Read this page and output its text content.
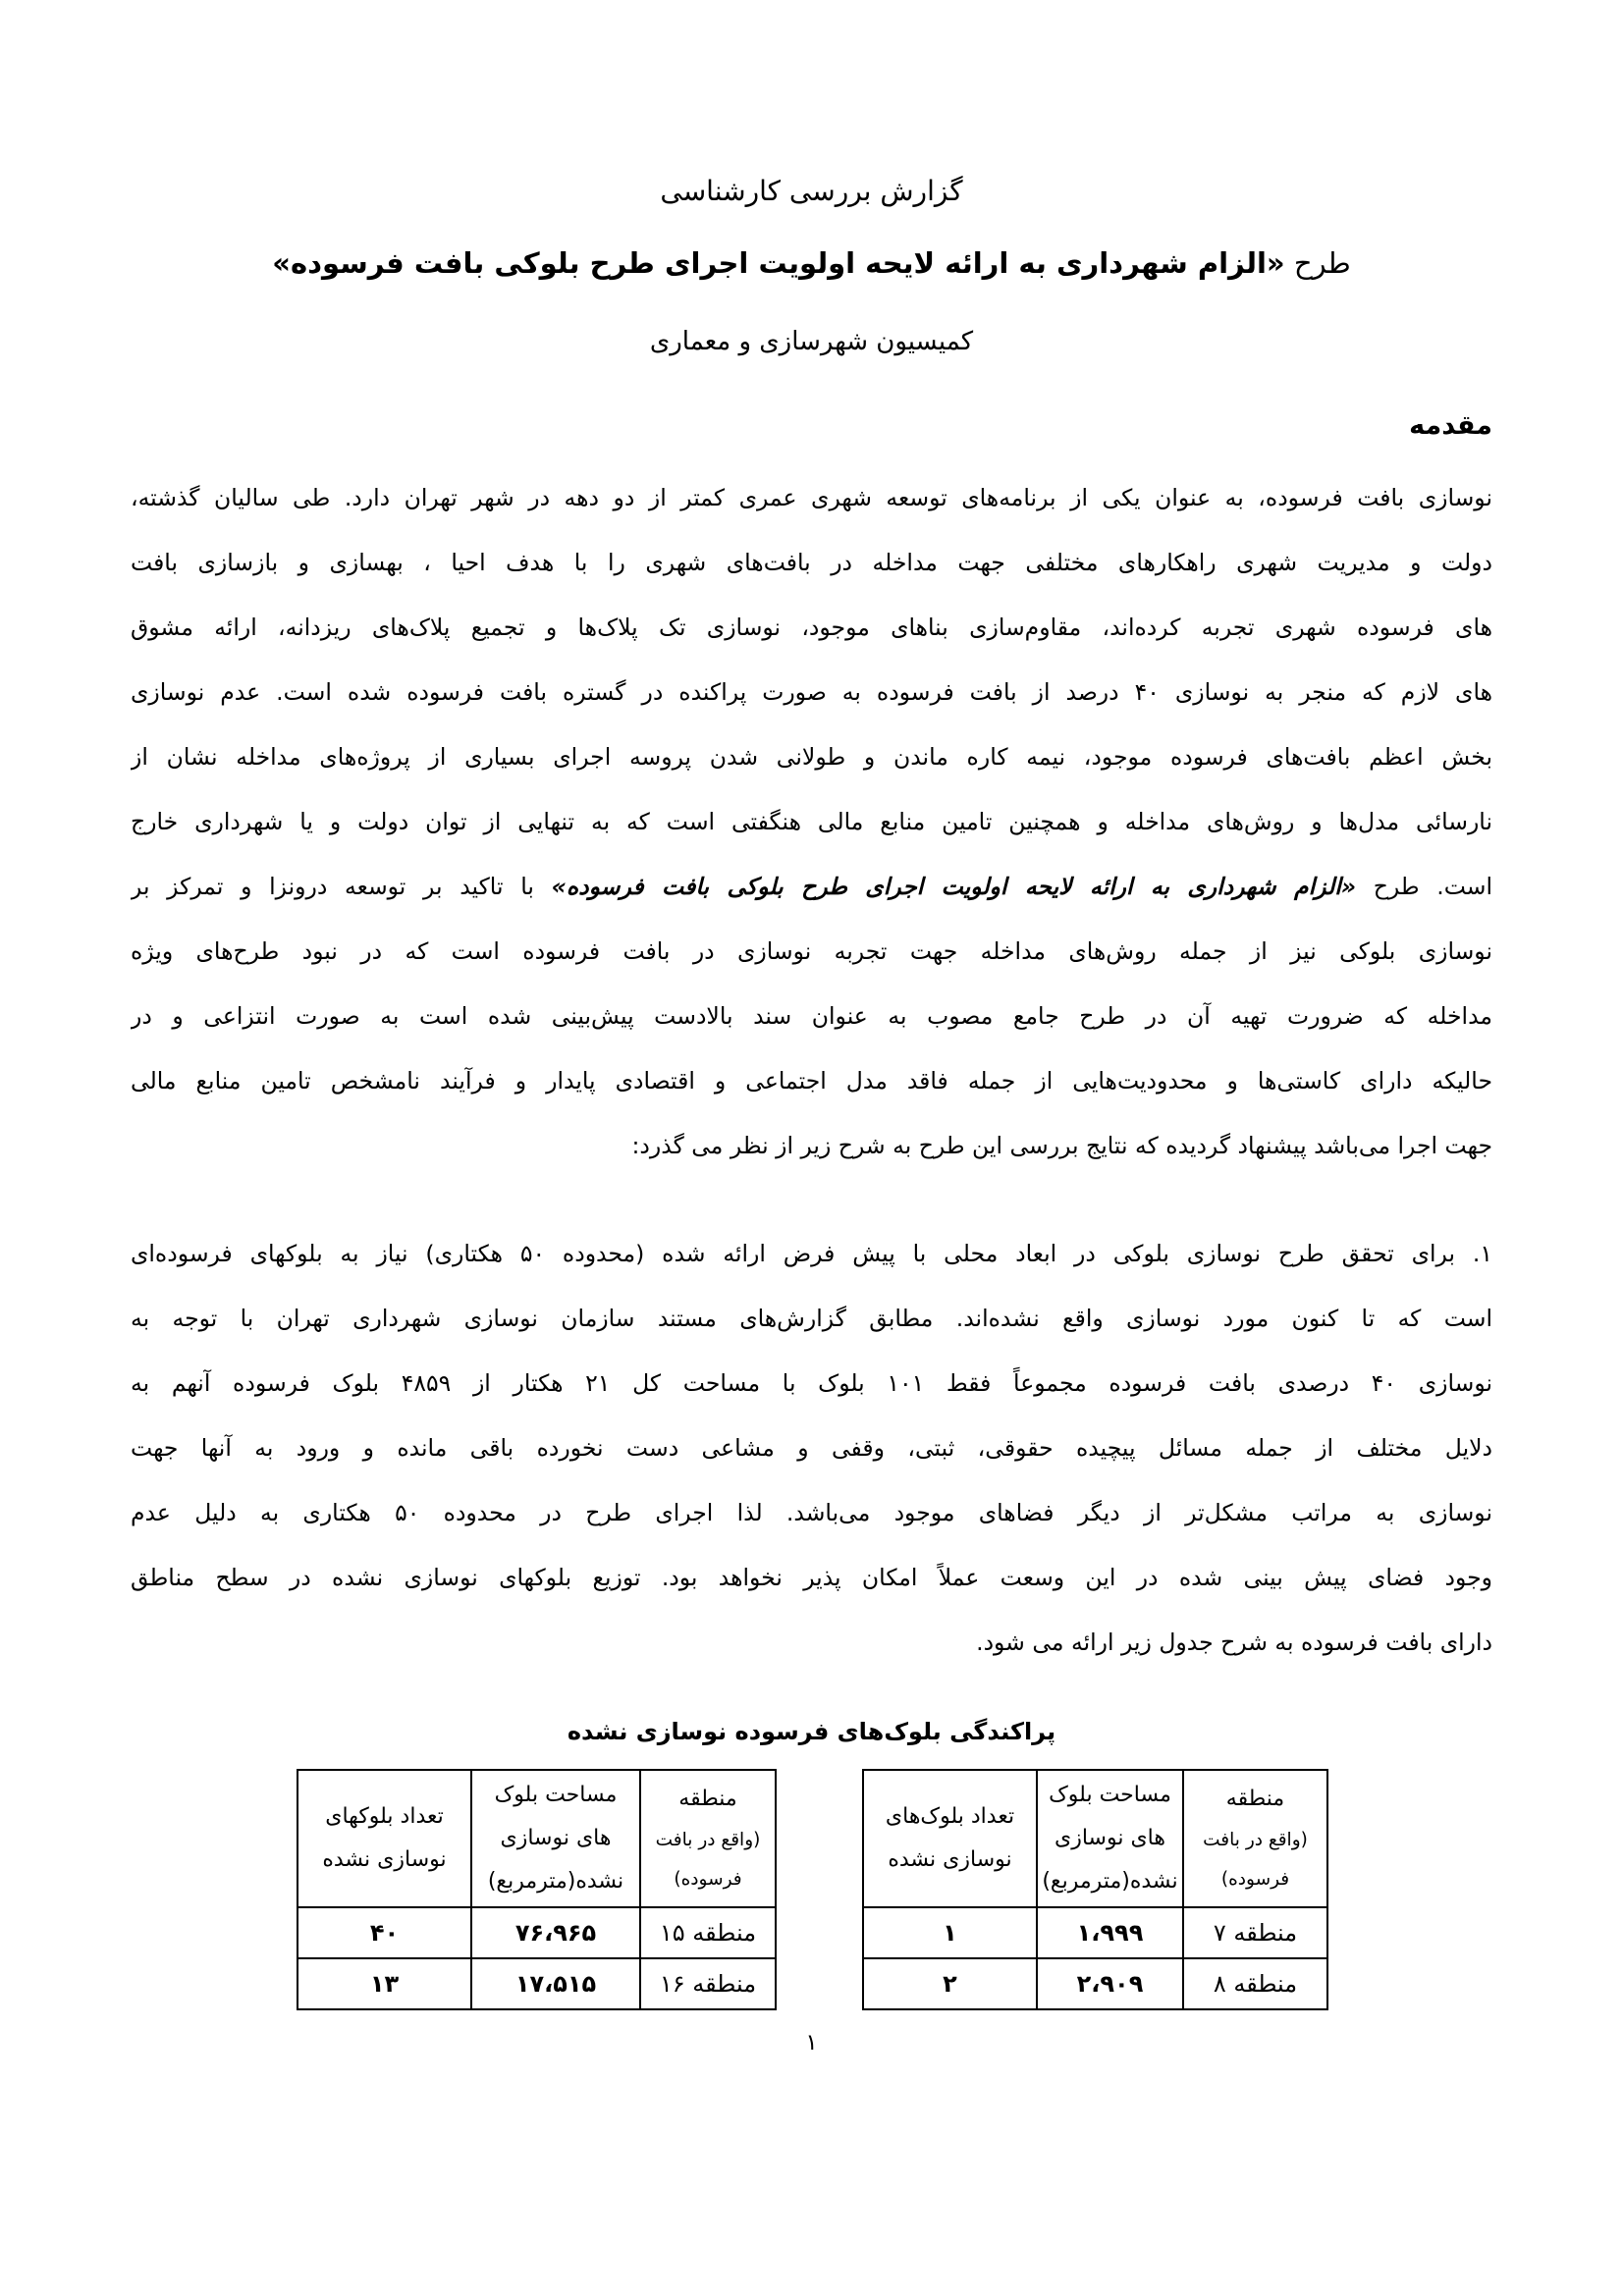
گزارش بررسی کارشناسی
طرح «الزام شهرداری به ارائه لایحه اولویت اجرای طرح بلوکی بافت فرسوده»
کمیسیون شهرسازی و معماری
مقدمه
نوسازی بافت فرسوده، به عنوان یکی از برنامه‌های توسعه شهری عمری کمتر از دو دهه در شهر تهران دارد. طی سالیان گذشته،
دولت و مدیریت شهری راهکارهای مختلفی جهت مداخله در بافت‌های شهری را با هدف احیا ، بهسازی و بازسازی بافت
های فرسوده شهری تجربه کرده‌اند، مقاوم‌سازی بناهای موجود، نوسازی تک پلاک‌ها و تجمیع پلاک‌های ریزدانه، ارائه مشوق
های لازم که منجر به نوسازی ۴۰ درصد از بافت فرسوده به صورت پراکنده در گستره بافت فرسوده شده است. عدم نوسازی
بخش اعظم بافت‌های فرسوده موجود، نیمه کاره ماندن و طولانی شدن پروسه اجرای بسیاری از پروژه‌های مداخله نشان از
نارسائی مدل‌ها و روش‌های مداخله و همچنین تامین منابع مالی هنگفتی است که به تنهایی از توان دولت و یا شهرداری خارج
است. طرح «الزام شهرداری به ارائه لایحه اولویت اجرای طرح بلوکی بافت فرسوده» با تاکید بر توسعه درونزا و تمرکز بر
نوسازی بلوکی نیز از جمله روش‌های مداخله جهت تجربه نوسازی در بافت فرسوده است که در نبود طرح‌های ویژه
مداخله که ضرورت تهیه آن در طرح جامع مصوب به عنوان سند بالادست پیش‌بینی شده است به صورت انتزاعی و در
حالیکه دارای کاستی‌ها و محدودیت‌هایی از جمله فاقد مدل اجتماعی و اقتصادی پایدار و فرآیند نامشخص تامین منابع مالی
جهت اجرا می‌باشد پیشنهاد گردیده که نتایج بررسی این طرح به شرح زیر از نظر می گذرد:
۱. برای تحقق طرح نوسازی بلوکی در ابعاد محلی با پیش فرض ارائه شده (محدوده ۵۰ هکتاری) نیاز به بلوکهای فرسوده‌ای
است که تا کنون مورد نوسازی واقع نشده‌اند. مطابق گزارش‌های مستند سازمان نوسازی شهرداری تهران با توجه به
نوسازی ۴۰ درصدی بافت فرسوده مجموعاً فقط ۱۰۱ بلوک با مساحت کل ۲۱ هکتار از ۴۸۵۹ بلوک فرسوده آنهم به
دلایل مختلف از جمله مسائل پیچیده حقوقی، ثبتی، وقفی و مشاعی دست نخورده باقی مانده و ورود به آنها جهت
نوسازی به مراتب مشکل‌تر از دیگر فضاهای موجود می‌باشد. لذا اجرای طرح در محدوده ۵۰ هکتاری به دلیل عدم
وجود فضای پیش بینی شده در این وسعت عملاً امکان پذیر نخواهد بود. توزیع بلوکهای نوسازی نشده در سطح مناطق
دارای بافت فرسوده به شرح جدول زیر ارائه می شود.
پراکندگی بلوک‌های فرسوده نوسازی نشده
منطقه
(واقع در بافت
فرسوده)

مساحت بلوک
های نوسازی
نشده(مترمربع)

تعداد بلوک‌های
نوسازی نشده

منطقه ۷	۱،۹۹۹	۱
منطقه ۸	۲،۹۰۹	۲
منطقه
(واقع در بافت
فرسوده)

مساحت بلوک
های نوسازی
نشده(مترمربع)

تعداد بلوکهای
نوسازی نشده

منطقه ۱۵	۷۶،۹۶۵	۴۰
منطقه ۱۶	۱۷،۵۱۵	۱۳
۱
